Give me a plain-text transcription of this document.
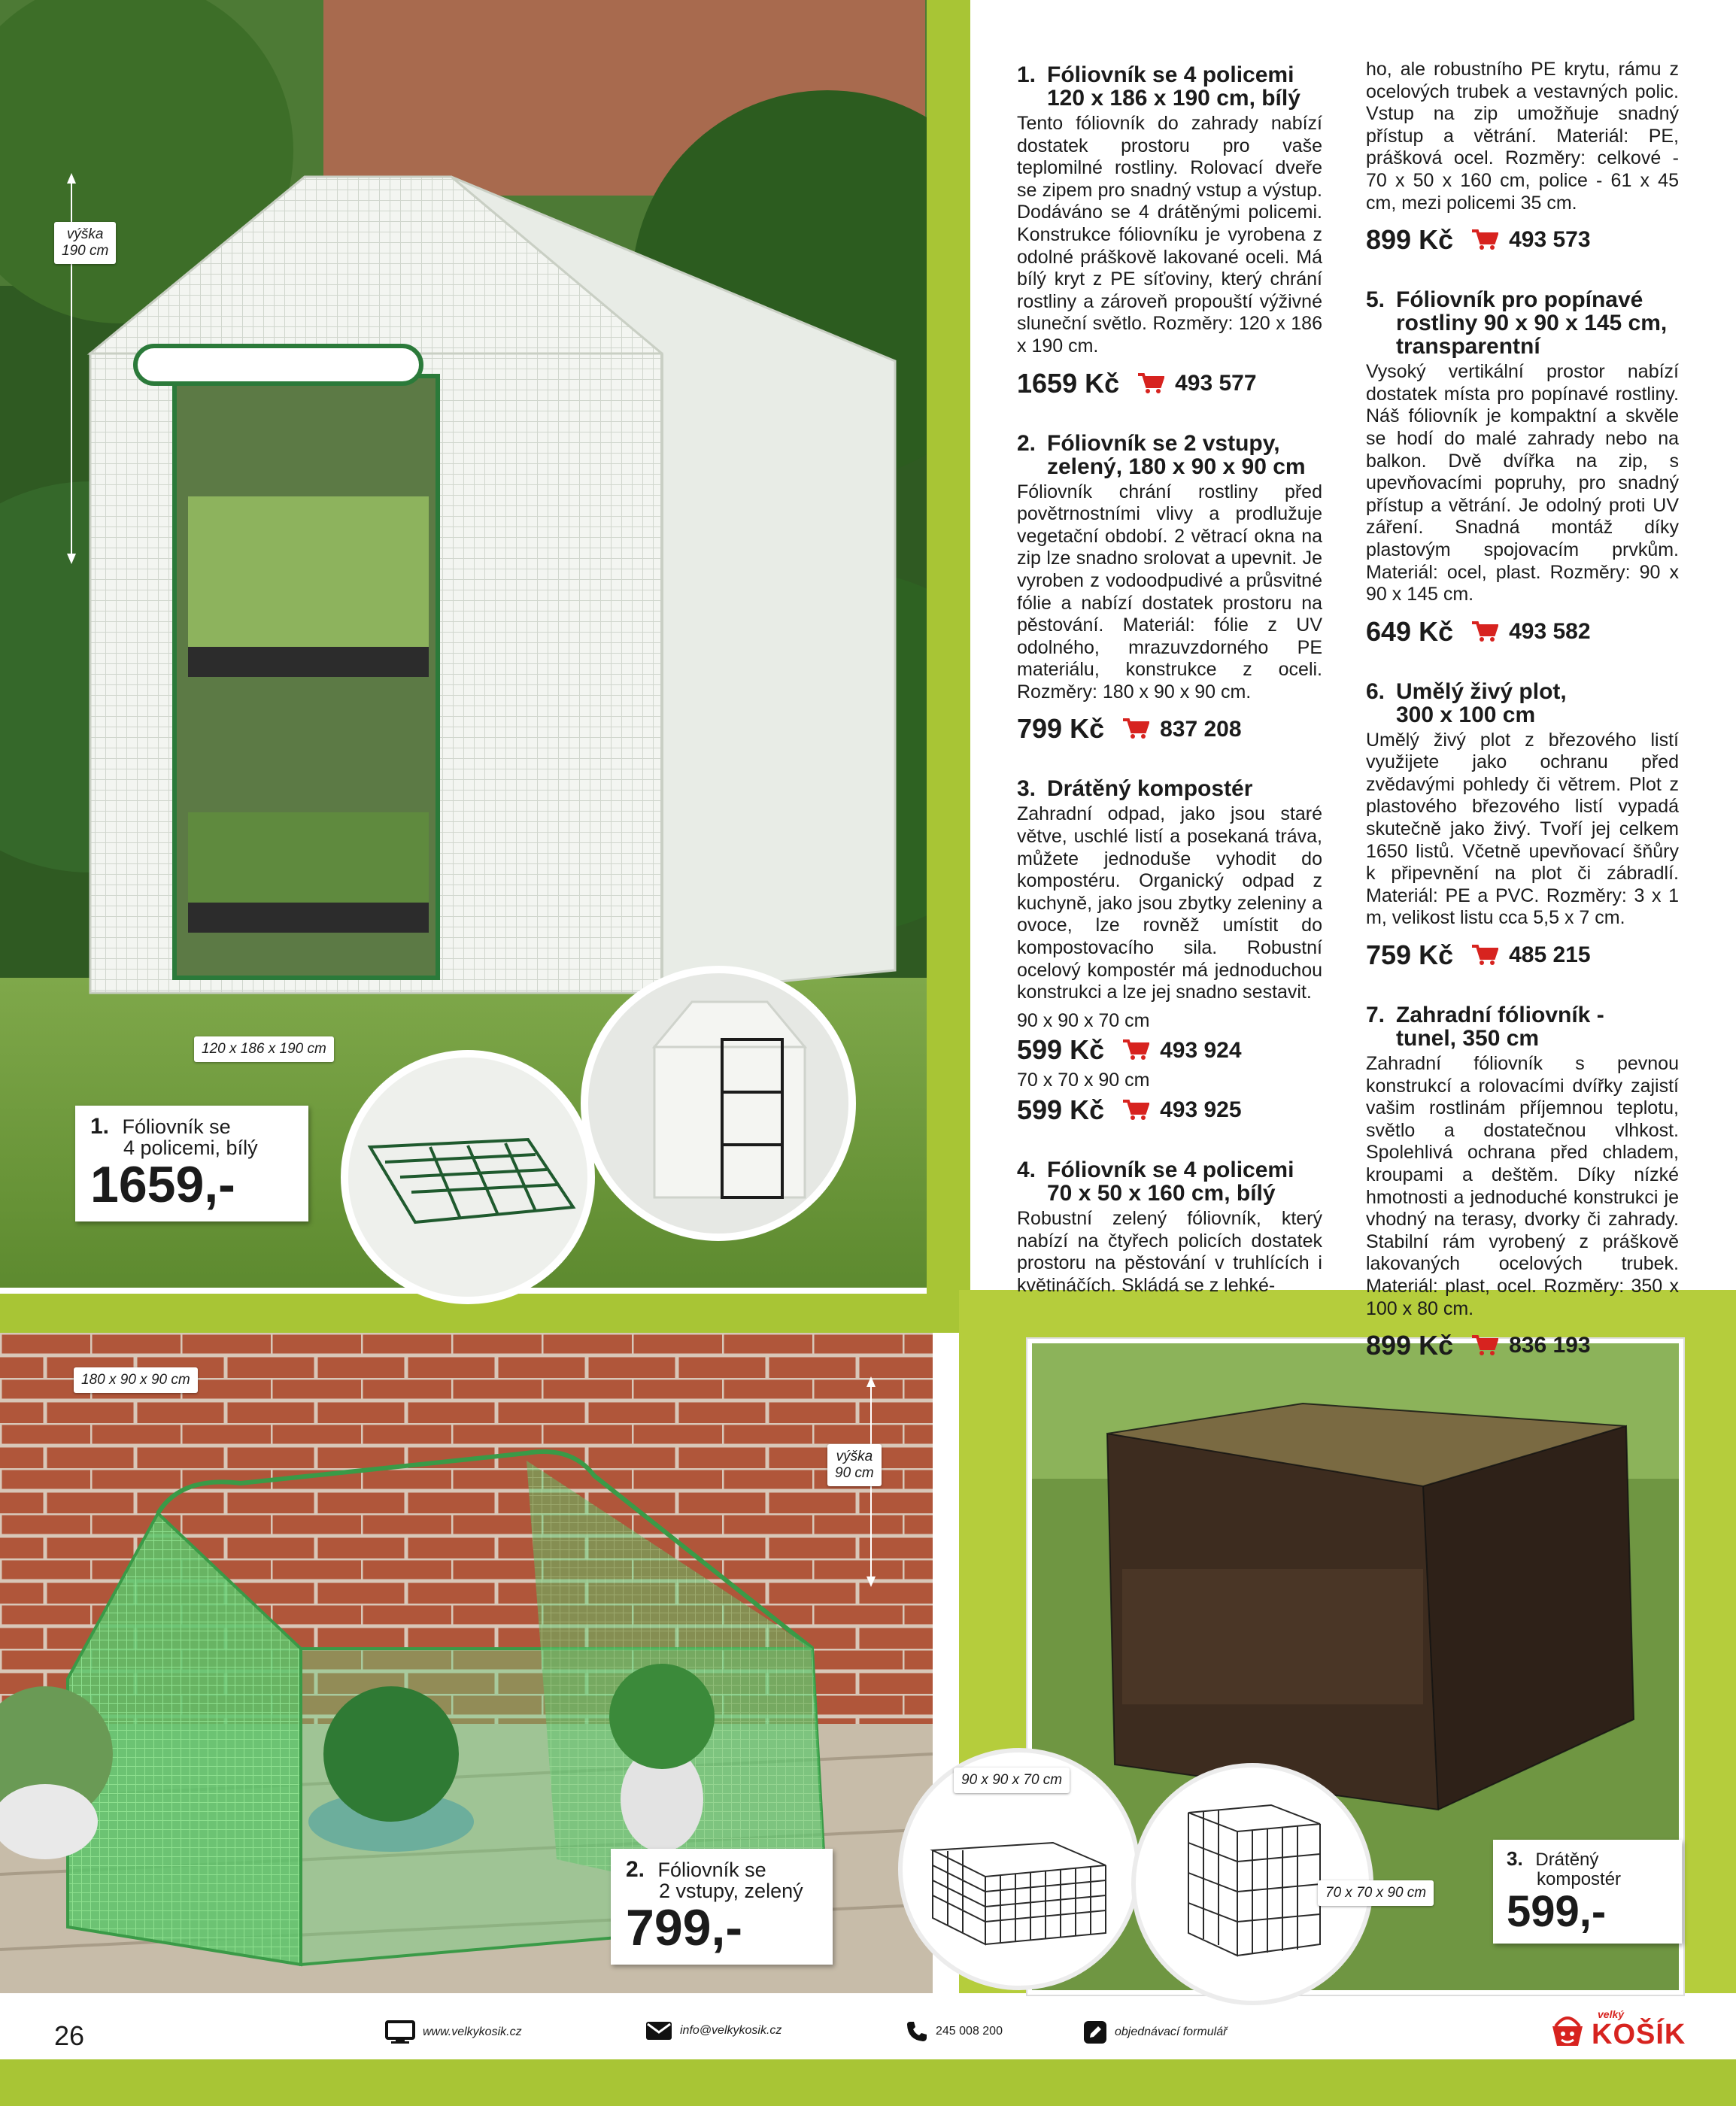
výška
190 cm
120 x 186 x 190 cm
1. Fóliovník se
4 policemi, bílý
1659,-
180 x 90 x 90 cm
výška
90 cm
2. Fóliovník se
2 vstupy, zelený
799,-
90 x 90 x 70 cm
70 x 70 x 90 cm
3. Drátěný
kompostér
599,-
1. Fóliovník se 4 policemi
120 x 186 x 190 cm, bílý

Tento fóliovník do zahrady nabízí dostatek prostoru pro vaše teplomilné rostliny. Rolovací dveře se zipem pro snadný vstup a výstup. Dodáváno se 4 drátěnými policemi. Konstrukce fóliovníku je vyrobena z odolné práškově lakované oceli. Má bílý kryt z PE síťoviny, který chrání rostliny a zároveň propouští výživné sluneční světlo. Rozměry: 120 x 186 x 190 cm.

1659 Kč 493 577
2. Fóliovník se 2 vstupy,
zelený, 180 x 90 x 90 cm

Fóliovník chrání rostliny před povětrnostními vlivy a prodlužuje vegetační období. 2 větrací okna na zip lze snadno srolovat a upevnit. Je vyroben z vodoodpudivé a průsvitné fólie a nabízí dostatek prostoru na pěstování. Materiál: fólie z UV odolného, mrazuvzdorného PE materiálu, konstrukce z oceli. Rozměry: 180 x 90 x 90 cm.

799 Kč 837 208
3. Drátěný kompostér

Zahradní odpad, jako jsou staré větve, uschlé listí a posekaná tráva, můžete jednoduše vyhodit do kompostéru. Organický odpad z kuchyně, jako jsou zbytky zeleniny a ovoce, lze rovněž umístit do kompostovacího sila. Robustní ocelový kompostér má jednoduchou konstrukci a lze jej snadno sestavit.

90 x 90 x 70 cm

599 Kč 493 924

70 x 70 x 90 cm

599 Kč 493 925
4. Fóliovník se 4 policemi
70 x 50 x 160 cm, bílý

Robustní zelený fóliovník, který nabízí na čtyřech policích dostatek prostoru na pěstování v truhlících i květináčích. Skládá se z lehké-

ho, ale robustního PE krytu, rámu z ocelových trubek a vestavných polic. Vstup na zip umožňuje snadný přístup a větrání. Materiál: PE, prášková ocel. Rozměry: celkové - 70 x 50 x 160 cm, police - 61 x 45 cm, mezi policemi 35 cm.

899 Kč 493 573
5. Fóliovník pro popínavé
rostliny 90 x 90 x 145 cm, transparentní

Vysoký vertikální prostor nabízí dostatek místa pro popínavé rostliny. Náš fóliovník je kompaktní a skvěle se hodí do malé zahrady nebo na balkon. Dvě dvířka na zip, s upevňovacími popruhy, pro snadný přístup a větrání. Je odolný proti UV záření. Snadná montáž díky plastovým spojovacím prvkům. Materiál: ocel, plast. Rozměry: 90 x 90 x 145 cm.

649 Kč 493 582
6. Umělý živý plot,
300 x 100 cm

Umělý živý plot z březového listí využijete jako ochranu před zvědavými pohledy či větrem. Plot z plastového březového listí vypadá skutečně jako živý. Tvoří jej celkem 1650 listů. Včetně upevňovací šňůry k připevnění na plot či zábradlí. Materiál: PE a PVC. Rozměry: 3 x 1 m, velikost listu cca 5,5 x 7 cm.

759 Kč 485 215
7. Zahradní fóliovník -
tunel, 350 cm

Zahradní fóliovník s pevnou konstrukcí a rolovacími dvířky zajistí vašim rostlinám příjemnou teplotu, světlo a dostatečnou vlhkost. Spolehlivá ochrana před chladem, kroupami a deštěm. Díky nízké hmotnosti a jednoduché konstrukci je vhodný na terasy, dvorky či zahrady. Stabilní rám vyrobený z práškově lakovaných ocelových trubek. Materiál: plast, ocel. Rozměry: 350 x 100 x 80 cm.

899 Kč 836 193
26	www.velkykosik.cz	info@velkykosik.cz	245 008 200	objednávací formulář
velký
KOŠÍK
